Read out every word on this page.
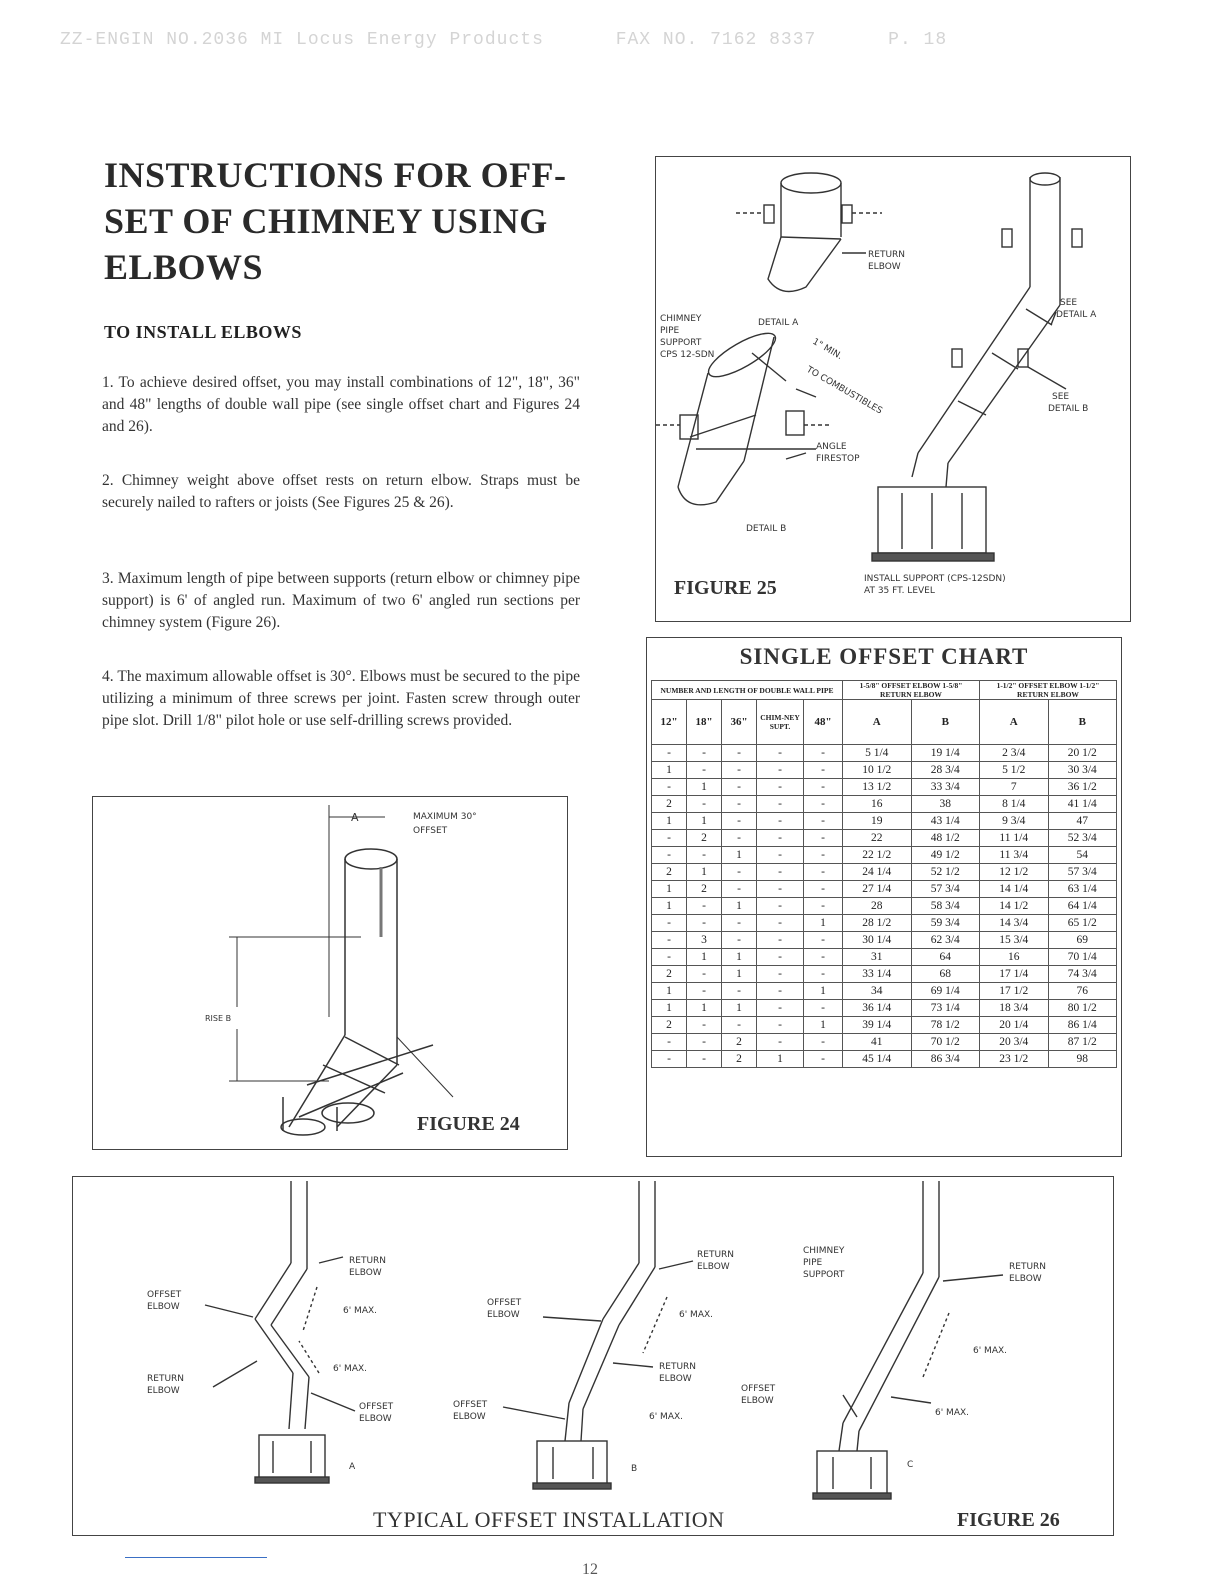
ZZ-ENGIN NO.2036 MI Locus Energy Products	FAX NO. 7162 8337	P. 18
INSTRUCTIONS FOR OFF-SET OF CHIMNEY USING ELBOWS
TO INSTALL ELBOWS

1. To achieve desired offset, you may install combinations of 12", 18", 36" and 48" lengths of double wall pipe (see single offset chart and Figures 24 and 26).

2. Chimney weight above offset rests on return elbow. Straps must be securely nailed to rafters or joists (See Figures 25 & 26).

3. Maximum length of pipe between supports (return elbow or chimney pipe support) is 6' of angled run. Maximum of two 6' angled run sections per chimney system (Figure 26).

4. The maximum allowable offset is 30°. Elbows must be secured to the pipe utilizing a minimum of three screws per joint. Fasten screw through outer pipe slot. Drill 1/8" pilot hole or use self-drilling screws provided.

A	MAXIMUM 30°
OFFSET
RISE B
FIGURE 24
RETURN
ELBOW
SEE
DETAIL A
SEE
DETAIL B
DETAIL A
DETAIL B
CHIMNEY
PIPE
SUPPORT
CPS 12-SDN	1" MIN.
TO COMBUSTIBLES
ANGLE
FIRESTOP
INSTALL SUPPORT (CPS-12SDN)
AT 35 FT. LEVEL
FIGURE 25
SINGLE OFFSET CHART
NUMBER AND LENGTH OF DOUBLE WALL PIPE					1-5/8" OFFSET ELBOW 1-5/8" RETURN ELBOW		1-1/2" OFFSET ELBOW 1-1/2" RETURN ELBOW	
12"	18"	36"	CHIM-NEY SUPT.	48"	A	B	A	B
-	-	-	-	-	5 1/4	19 1/4	2 3/4	20 1/2
1	-	-	-	-	10 1/2	28 3/4	5 1/2	30 3/4
-	1	-	-	-	13 1/2	33 3/4	7	36 1/2
2	-	-	-	-	16	38	8 1/4	41 1/4
1	1	-	-	-	19	43 1/4	9 3/4	47
-	2	-	-	-	22	48 1/2	11 1/4	52 3/4
-	-	1	-	-	22 1/2	49 1/2	11 3/4	54
2	1	-	-	-	24 1/4	52 1/2	12 1/2	57 3/4
1	2	-	-	-	27 1/4	57 3/4	14 1/4	63 1/4
1	-	1	-	-	28	58 3/4	14 1/2	64 1/4
-	-	-	-	1	28 1/2	59 3/4	14 3/4	65 1/2
-	3	-	-	-	30 1/4	62 3/4	15 3/4	69
-	1	1	-	-	31	64	16	70 1/4
2	-	1	-	-	33 1/4	68	17 1/4	74 3/4
1	-	-	-	1	34	69 1/4	17 1/2	76
1	1	1	-	-	36 1/4	73 1/4	18 3/4	80 1/2
2	-	-	-	1	39 1/4	78 1/2	20 1/4	86 1/4
-	-	2	-	-	41	70 1/2	20 3/4	87 1/2
-	-	2	1	-	45 1/4	86 3/4	23 1/2	98
RETURN
ELBOW
OFFSET
ELBOW	6' MAX.
RETURN
ELBOW
6' MAX.
OFFSET
ELBOW
A
RETURN
ELBOW
OFFSET
ELBOW	6' MAX.
RETURN
ELBOW
OFFSET
ELBOW	6' MAX.
B
CHIMNEY
PIPE
SUPPORT
RETURN
ELBOW
6' MAX.
OFFSET
ELBOW
6' MAX.
C
TYPICAL OFFSET INSTALLATION	FIGURE 26
12
